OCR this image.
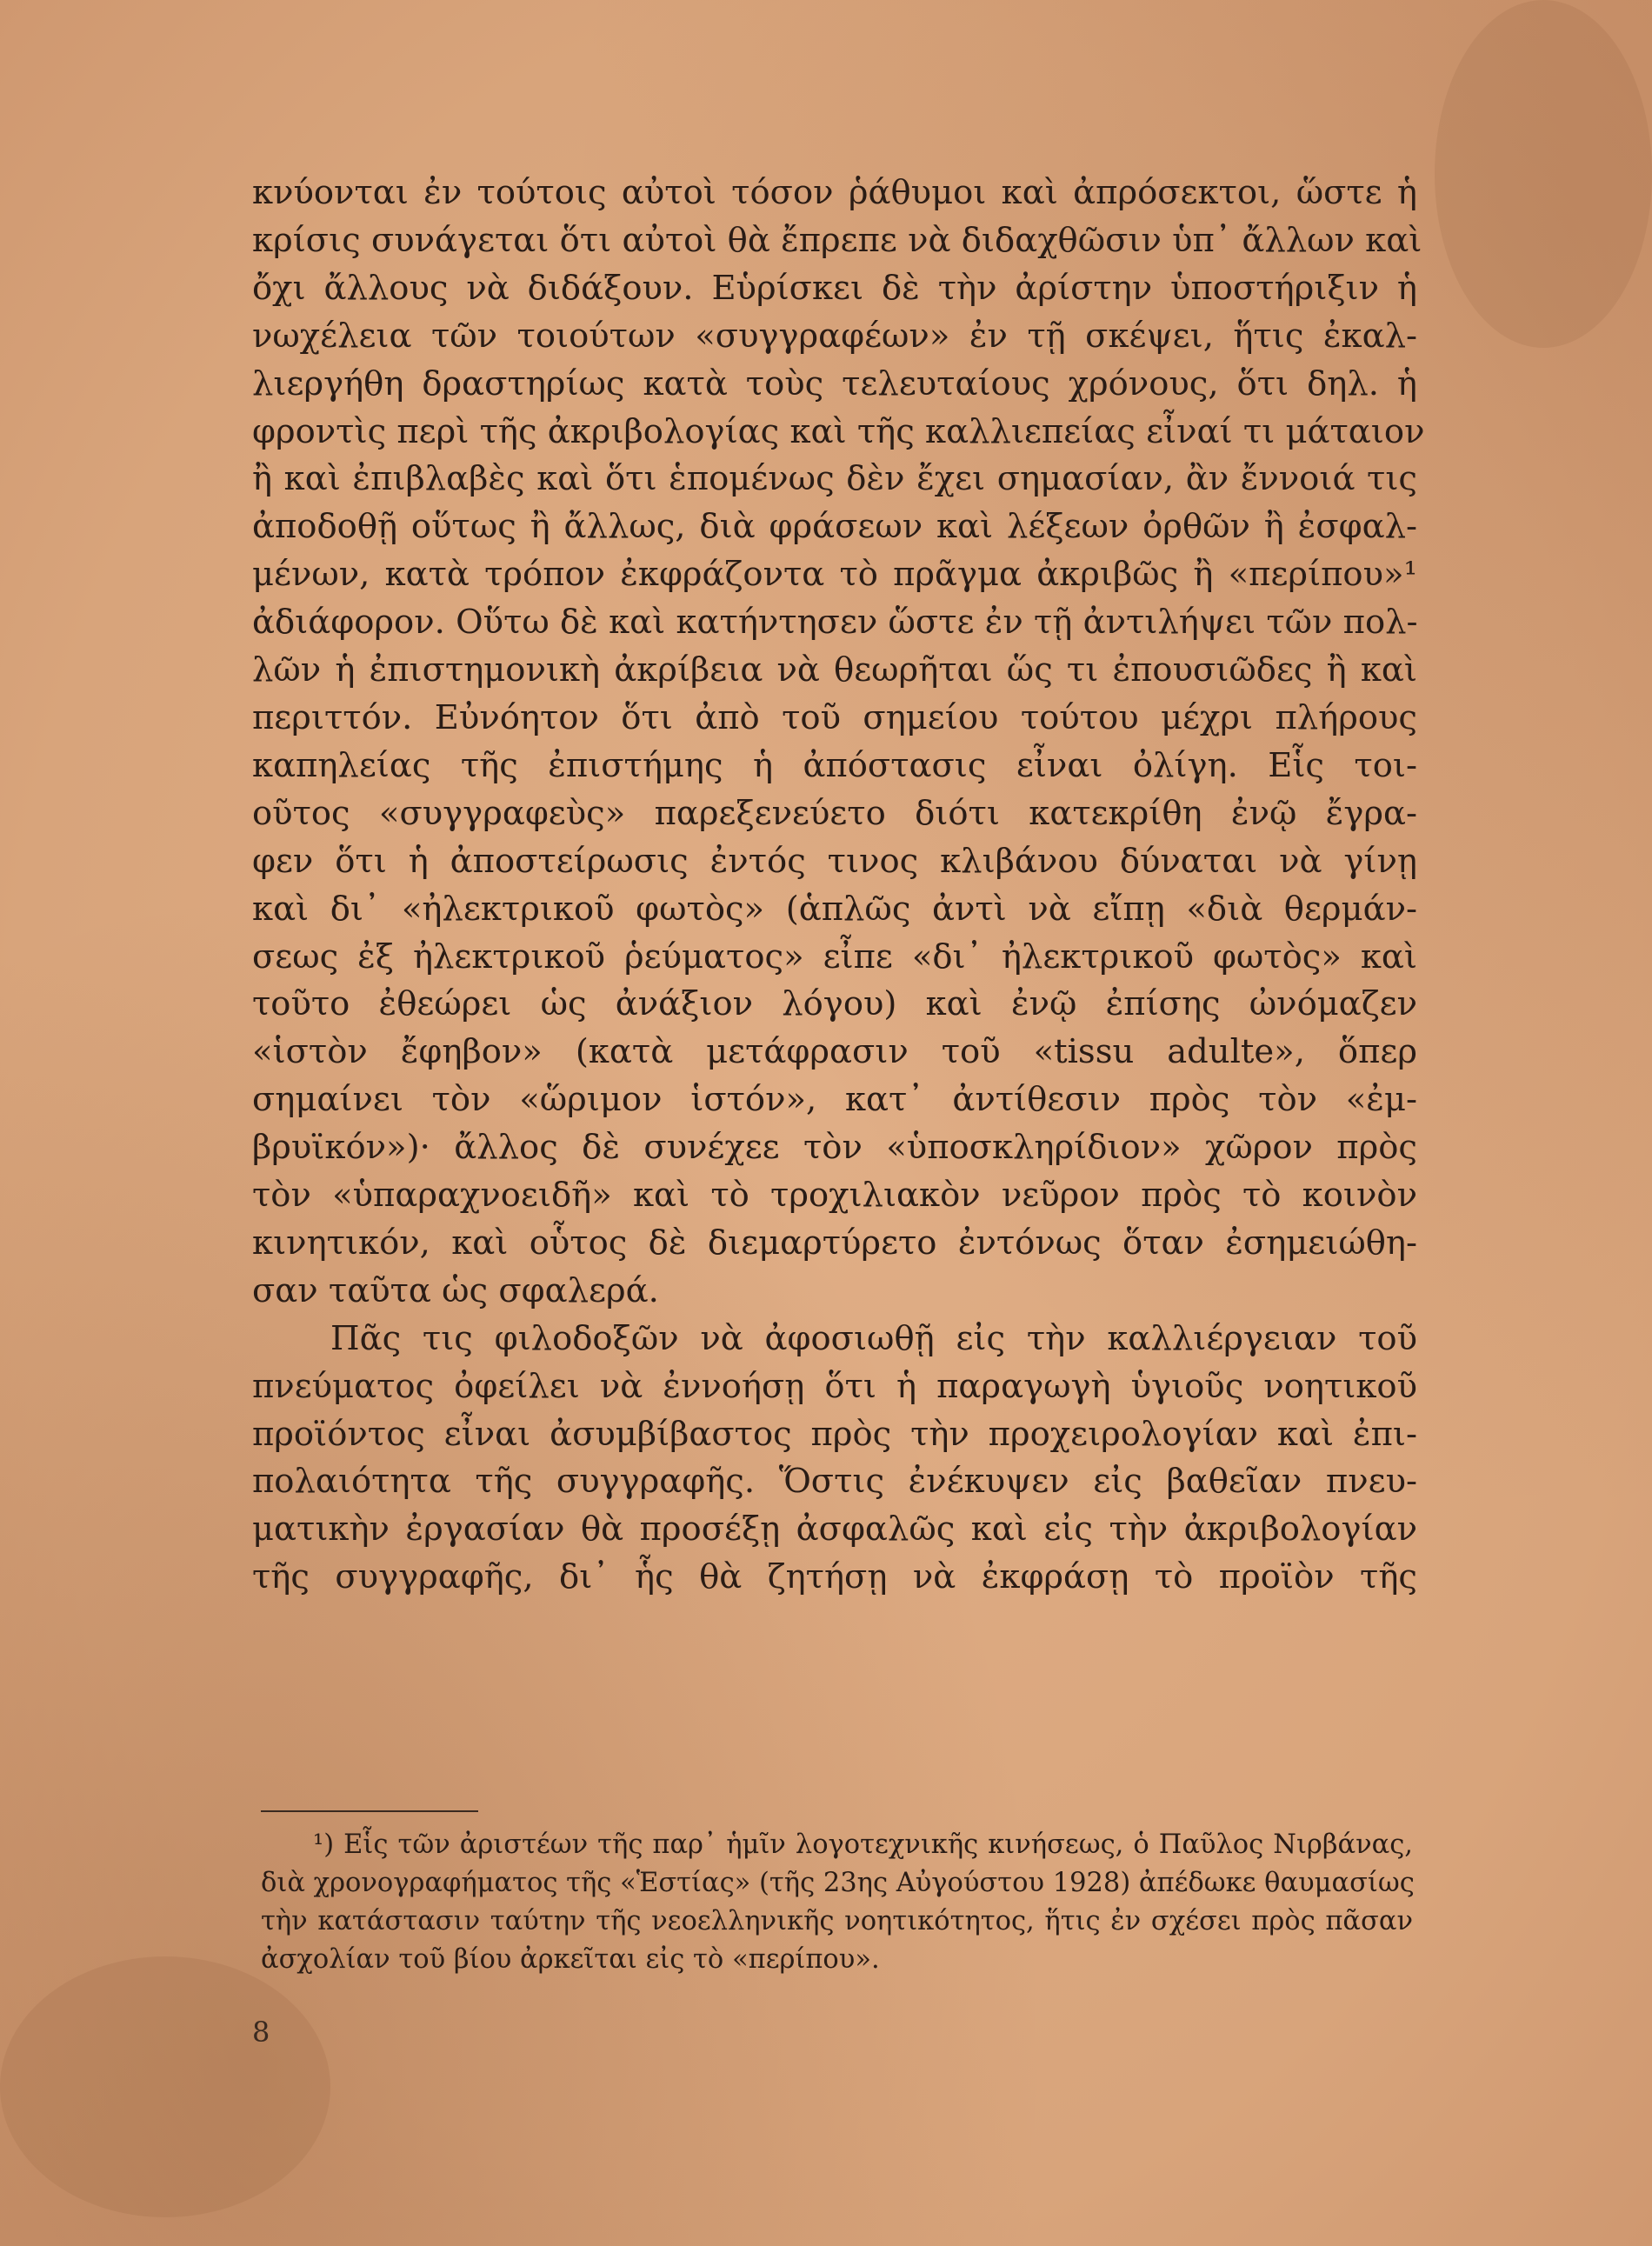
κνύονται ἐν τούτοις αὐτοὶ τόσον ῥάθυμοι καὶ ἀπρόσεκτοι, ὥστε ἡ
κρίσις συνάγεται ὅτι αὐτοὶ θὰ ἔπρεπε νὰ διδαχθῶσιν ὑπ᾽ ἄλλων καὶ
ὄχι ἄλλους νὰ διδάξουν. Εὑρίσκει δὲ τὴν ἀρίστην ὑποστήριξιν ἡ
νωχέλεια τῶν τοιούτων «συγγραφέων» ἐν τῇ σκέψει, ἥτις ἐκαλ-
λιεργήθη δραστηρίως κατὰ τοὺς τελευταίους χρόνους, ὅτι δηλ. ἡ
φροντὶς περὶ τῆς ἀκριβολογίας καὶ τῆς καλλιεπείας εἶναί τι μάταιον
ἢ καὶ ἐπιβλαβὲς καὶ ὅτι ἑπομένως δὲν ἔχει σημασίαν, ἂν ἔννοιά τις
ἀποδοθῇ οὕτως ἢ ἄλλως, διὰ φράσεων καὶ λέξεων ὀρθῶν ἢ ἐσφαλ-
μένων, κατὰ τρόπον ἐκφράζοντα τὸ πρᾶγμα ἀκριβῶς ἢ «περίπου»¹
ἀδιάφορον. Οὕτω δὲ καὶ κατήντησεν ὥστε ἐν τῇ ἀντιλήψει τῶν πολ-
λῶν ἡ ἐπιστημονικὴ ἀκρίβεια νὰ θεωρῆται ὥς τι ἐπουσιῶδες ἢ καὶ
περιττόν. Εὐνόητον ὅτι ἀπὸ τοῦ σημείου τούτου μέχρι πλήρους
καπηλείας τῆς ἐπιστήμης ἡ ἀπόστασις εἶναι ὀλίγη. Εἷς τοι-
οῦτος «συγγραφεὺς» παρεξενεύετο διότι κατεκρίθη ἐνῷ ἔγρα-
φεν ὅτι ἡ ἀποστείρωσις ἐντός τινος κλιβάνου δύναται νὰ γίνῃ
καὶ δι᾽ «ἠλεκτρικοῦ φωτὸς» (ἁπλῶς ἀντὶ νὰ εἴπῃ «διὰ θερμάν-
σεως ἐξ ἠλεκτρικοῦ ῥεύματος» εἶπε «δι᾽ ἠλεκτρικοῦ φωτὸς» καὶ
τοῦτο ἐθεώρει ὡς ἀνάξιον λόγου) καὶ ἐνῷ ἐπίσης ὠνόμαζεν
«ἱστὸν ἔφηβον» (κατὰ μετάφρασιν τοῦ «tissu adulte», ὅπερ
σημαίνει τὸν «ὥριμον ἱστόν», κατ᾽ ἀντίθεσιν πρὸς τὸν «ἐμ-
βρυϊκόν»)· ἄλλος δὲ συνέχεε τὸν «ὑποσκληρίδιον» χῶρον πρὸς
τὸν «ὑπαραχνοειδῆ» καὶ τὸ τροχιλιακὸν νεῦρον πρὸς τὸ κοινὸν
κινητικόν, καὶ οὗτος δὲ διεμαρτύρετο ἐντόνως ὅταν ἐσημειώθη-
σαν ταῦτα ὡς σφαλερά.
Πᾶς τις φιλοδοξῶν νὰ ἀφοσιωθῇ εἰς τὴν καλλιέργειαν τοῦ
πνεύματος ὀφείλει νὰ ἐννοήσῃ ὅτι ἡ παραγωγὴ ὑγιοῦς νοητικοῦ
προϊόντος εἶναι ἀσυμβίβαστος πρὸς τὴν προχειρολογίαν καὶ ἐπι-
πολαιότητα τῆς συγγραφῆς. Ὅστις ἐνέκυψεν εἰς βαθεῖαν πνευ-
ματικὴν ἐργασίαν θὰ προσέξῃ ἀσφαλῶς καὶ εἰς τὴν ἀκριβολογίαν
τῆς συγγραφῆς, δι᾽ ἧς θὰ ζητήσῃ νὰ ἐκφράσῃ τὸ προϊὸν τῆς
¹) Εἷς τῶν ἀριστέων τῆς παρ᾽ ἡμῖν λογοτεχνικῆς κινήσεως, ὁ Παῦλος Νιρβάνας,
διὰ χρονογραφήματος τῆς «Ἑστίας» (τῆς 23ης Αὐγούστου 1928) ἀπέδωκε θαυμασίως
τὴν κατάστασιν ταύτην τῆς νεοελληνικῆς νοητικότητος, ἥτις ἐν σχέσει πρὸς πᾶσαν
ἀσχολίαν τοῦ βίου ἀρκεῖται εἰς τὸ «περίπου».
8
